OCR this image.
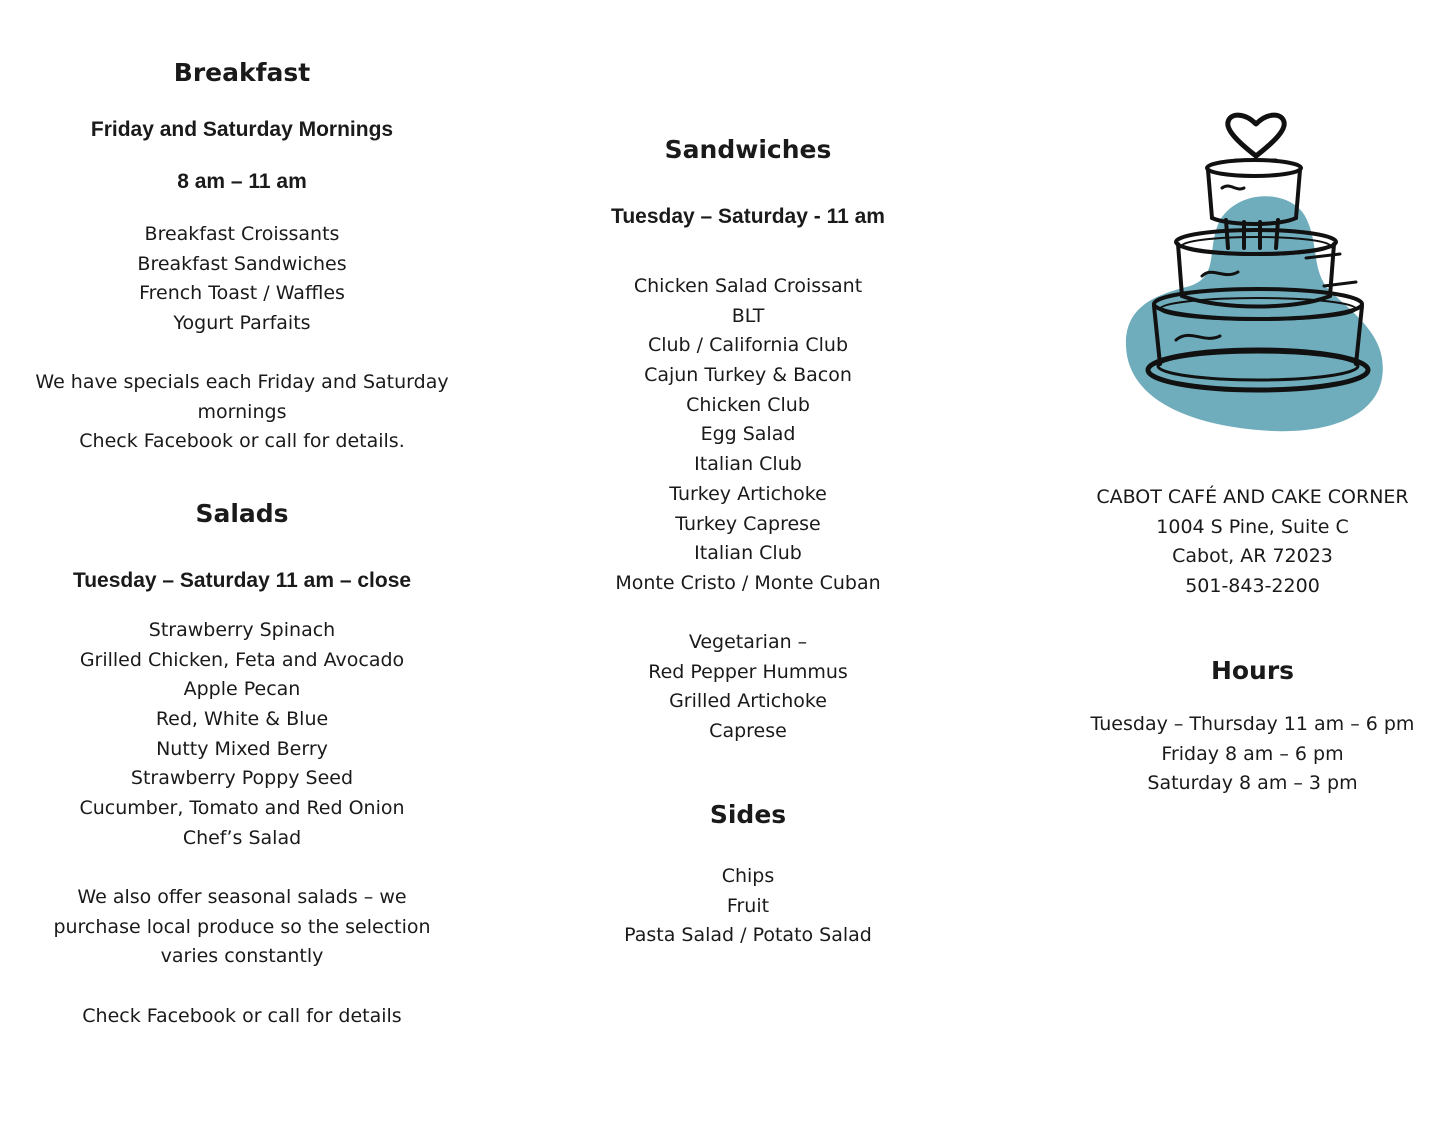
Breakfast
Friday and Saturday Mornings
8 am – 11 am
Breakfast Croissants
Breakfast Sandwiches
French Toast / Waffles
Yogurt Parfaits

We have specials each Friday and Saturday
mornings
Check Facebook or call for details.

Salads
Tuesday – Saturday 11 am – close
Strawberry Spinach
Grilled Chicken, Feta and Avocado
Apple Pecan
Red, White & Blue
Nutty Mixed Berry
Strawberry Poppy Seed
Cucumber, Tomato and Red Onion
Chef’s Salad

We also offer seasonal salads – we
purchase local produce so the selection
varies constantly

Check Facebook or call for details

Sandwiches
Tuesday – Saturday - 11 am
Chicken Salad Croissant
BLT
Club / California Club
Cajun Turkey & Bacon
Chicken Club
Egg Salad
Italian Club
Turkey Artichoke
Turkey Caprese
Italian Club
Monte Cristo / Monte Cuban
Vegetarian –
Red Pepper Hummus
Grilled Artichoke
Caprese
Sides
Chips
Fruit
Pasta Salad / Potato Salad
CABOT CAFÉ AND CAKE CORNER
1004 S Pine, Suite C
Cabot, AR 72023
501-843-2200
Hours
Tuesday – Thursday 11 am – 6 pm
Friday 8 am – 6 pm
Saturday 8 am – 3 pm
